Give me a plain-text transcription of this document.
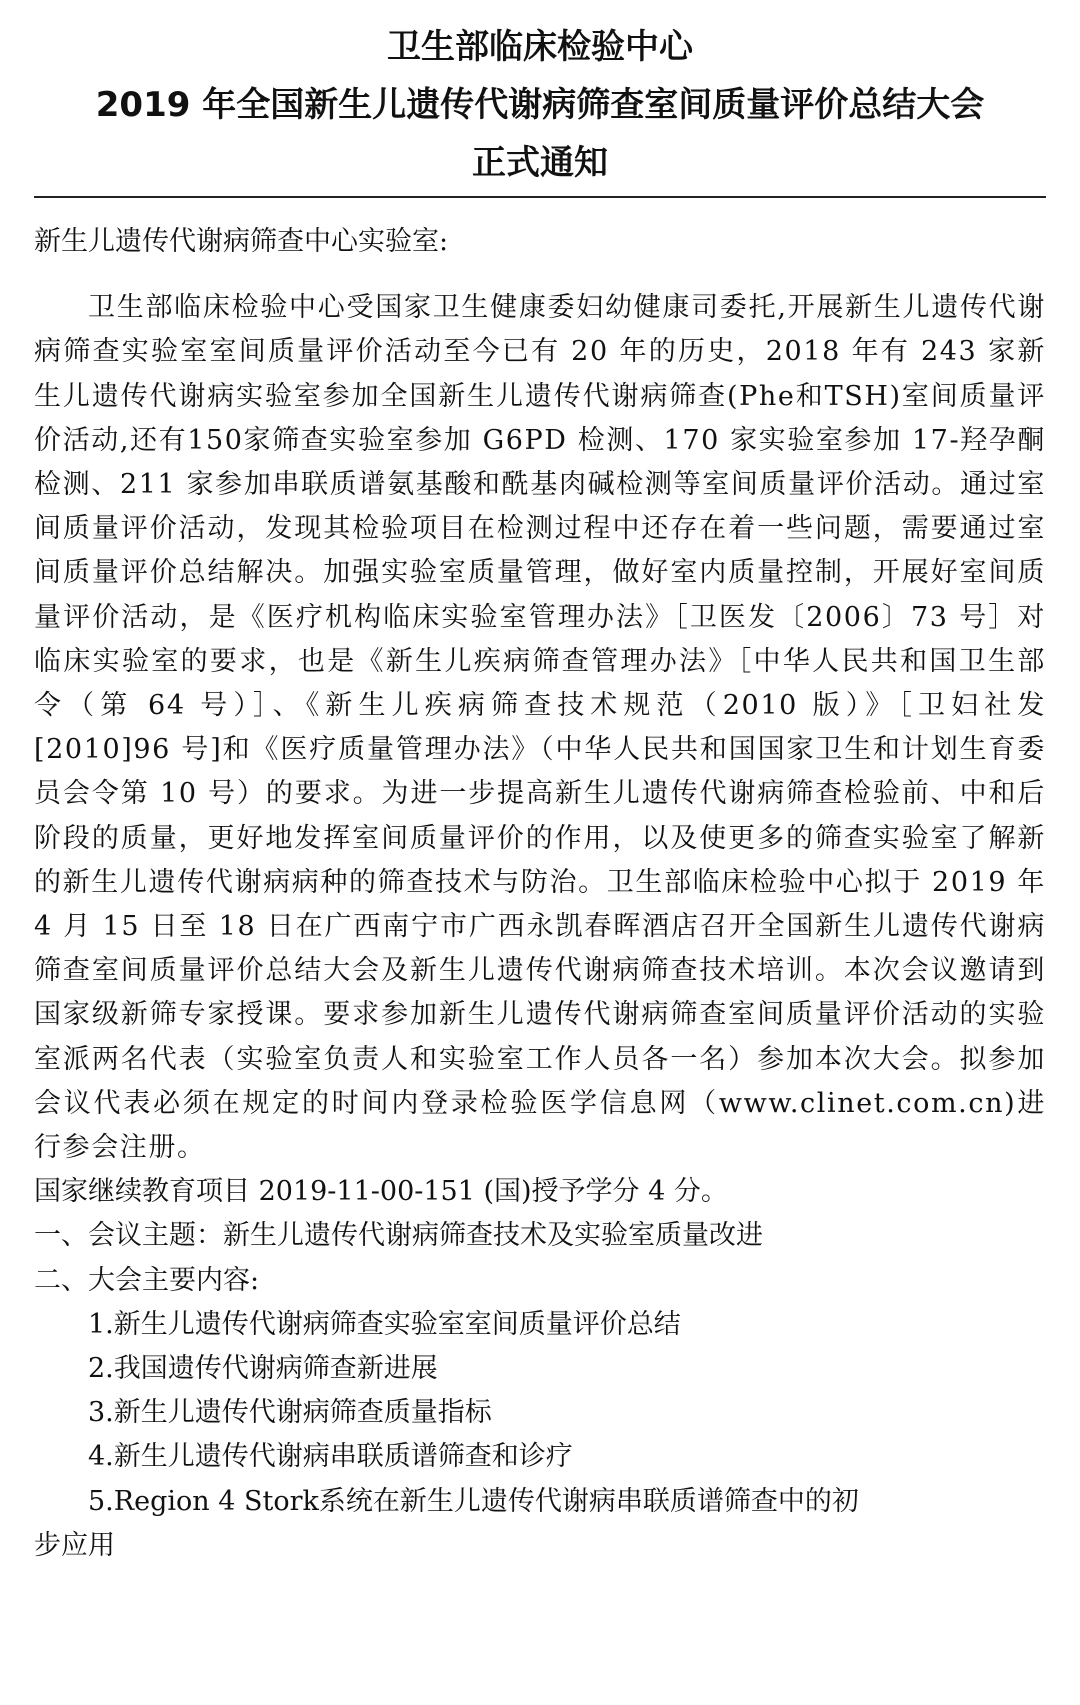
卫生部临床检验中心
2019 年全国新生儿遗传代谢病筛查室间质量评价总结大会
正式通知

新生儿遗传代谢病筛查中心实验室:

卫生部临床检验中心受国家卫生健康委妇幼健康司委托,开展新生儿遗传代谢病筛查实验室室间质量评价活动至今已有 20 年的历史，2018 年有 243 家新生儿遗传代谢病实验室参加全国新生儿遗传代谢病筛查(Phe和TSH)室间质量评价活动,还有150家筛查实验室参加 G6PD 检测、170 家实验室参加 17-羟孕酮检测、211 家参加串联质谱氨基酸和酰基肉碱检测等室间质量评价活动。通过室间质量评价活动，发现其检验项目在检测过程中还存在着一些问题，需要通过室间质量评价总结解决。加强实验室质量管理，做好室内质量控制，开展好室间质量评价活动，是《医疗机构临床实验室管理办法》［卫医发〔2006〕73 号］对临床实验室的要求，也是《新生儿疾病筛查管理办法》［中华人民共和国卫生部令（第 64 号）］、《新生儿疾病筛查技术规范（2010 版）》［卫妇社发[2010]96 号]和《医疗质量管理办法》（中华人民共和国国家卫生和计划生育委员会令第 10 号）的要求。为进一步提高新生儿遗传代谢病筛查检验前、中和后阶段的质量，更好地发挥室间质量评价的作用，以及使更多的筛查实验室了解新的新生儿遗传代谢病病种的筛查技术与防治。卫生部临床检验中心拟于 2019 年 4 月 15 日至 18 日在广西南宁市广西永凯春晖酒店召开全国新生儿遗传代谢病筛查室间质量评价总结大会及新生儿遗传代谢病筛查技术培训。本次会议邀请到国家级新筛专家授课。要求参加新生儿遗传代谢病筛查室间质量评价活动的实验室派两名代表（实验室负责人和实验室工作人员各一名）参加本次大会。拟参加会议代表必须在规定的时间内登录检验医学信息网（www.clinet.com.cn)进行参会注册。

国家继续教育项目 2019-11-00-151 (国)授予学分 4 分。

一、会议主题：新生儿遗传代谢病筛查技术及实验室质量改进

二、大会主要内容:

1.新生儿遗传代谢病筛查实验室室间质量评价总结

2.我国遗传代谢病筛查新进展

3.新生儿遗传代谢病筛查质量指标

4.新生儿遗传代谢病串联质谱筛查和诊疗

5.Region 4 Stork系统在新生儿遗传代谢病串联质谱筛查中的初
步应用
